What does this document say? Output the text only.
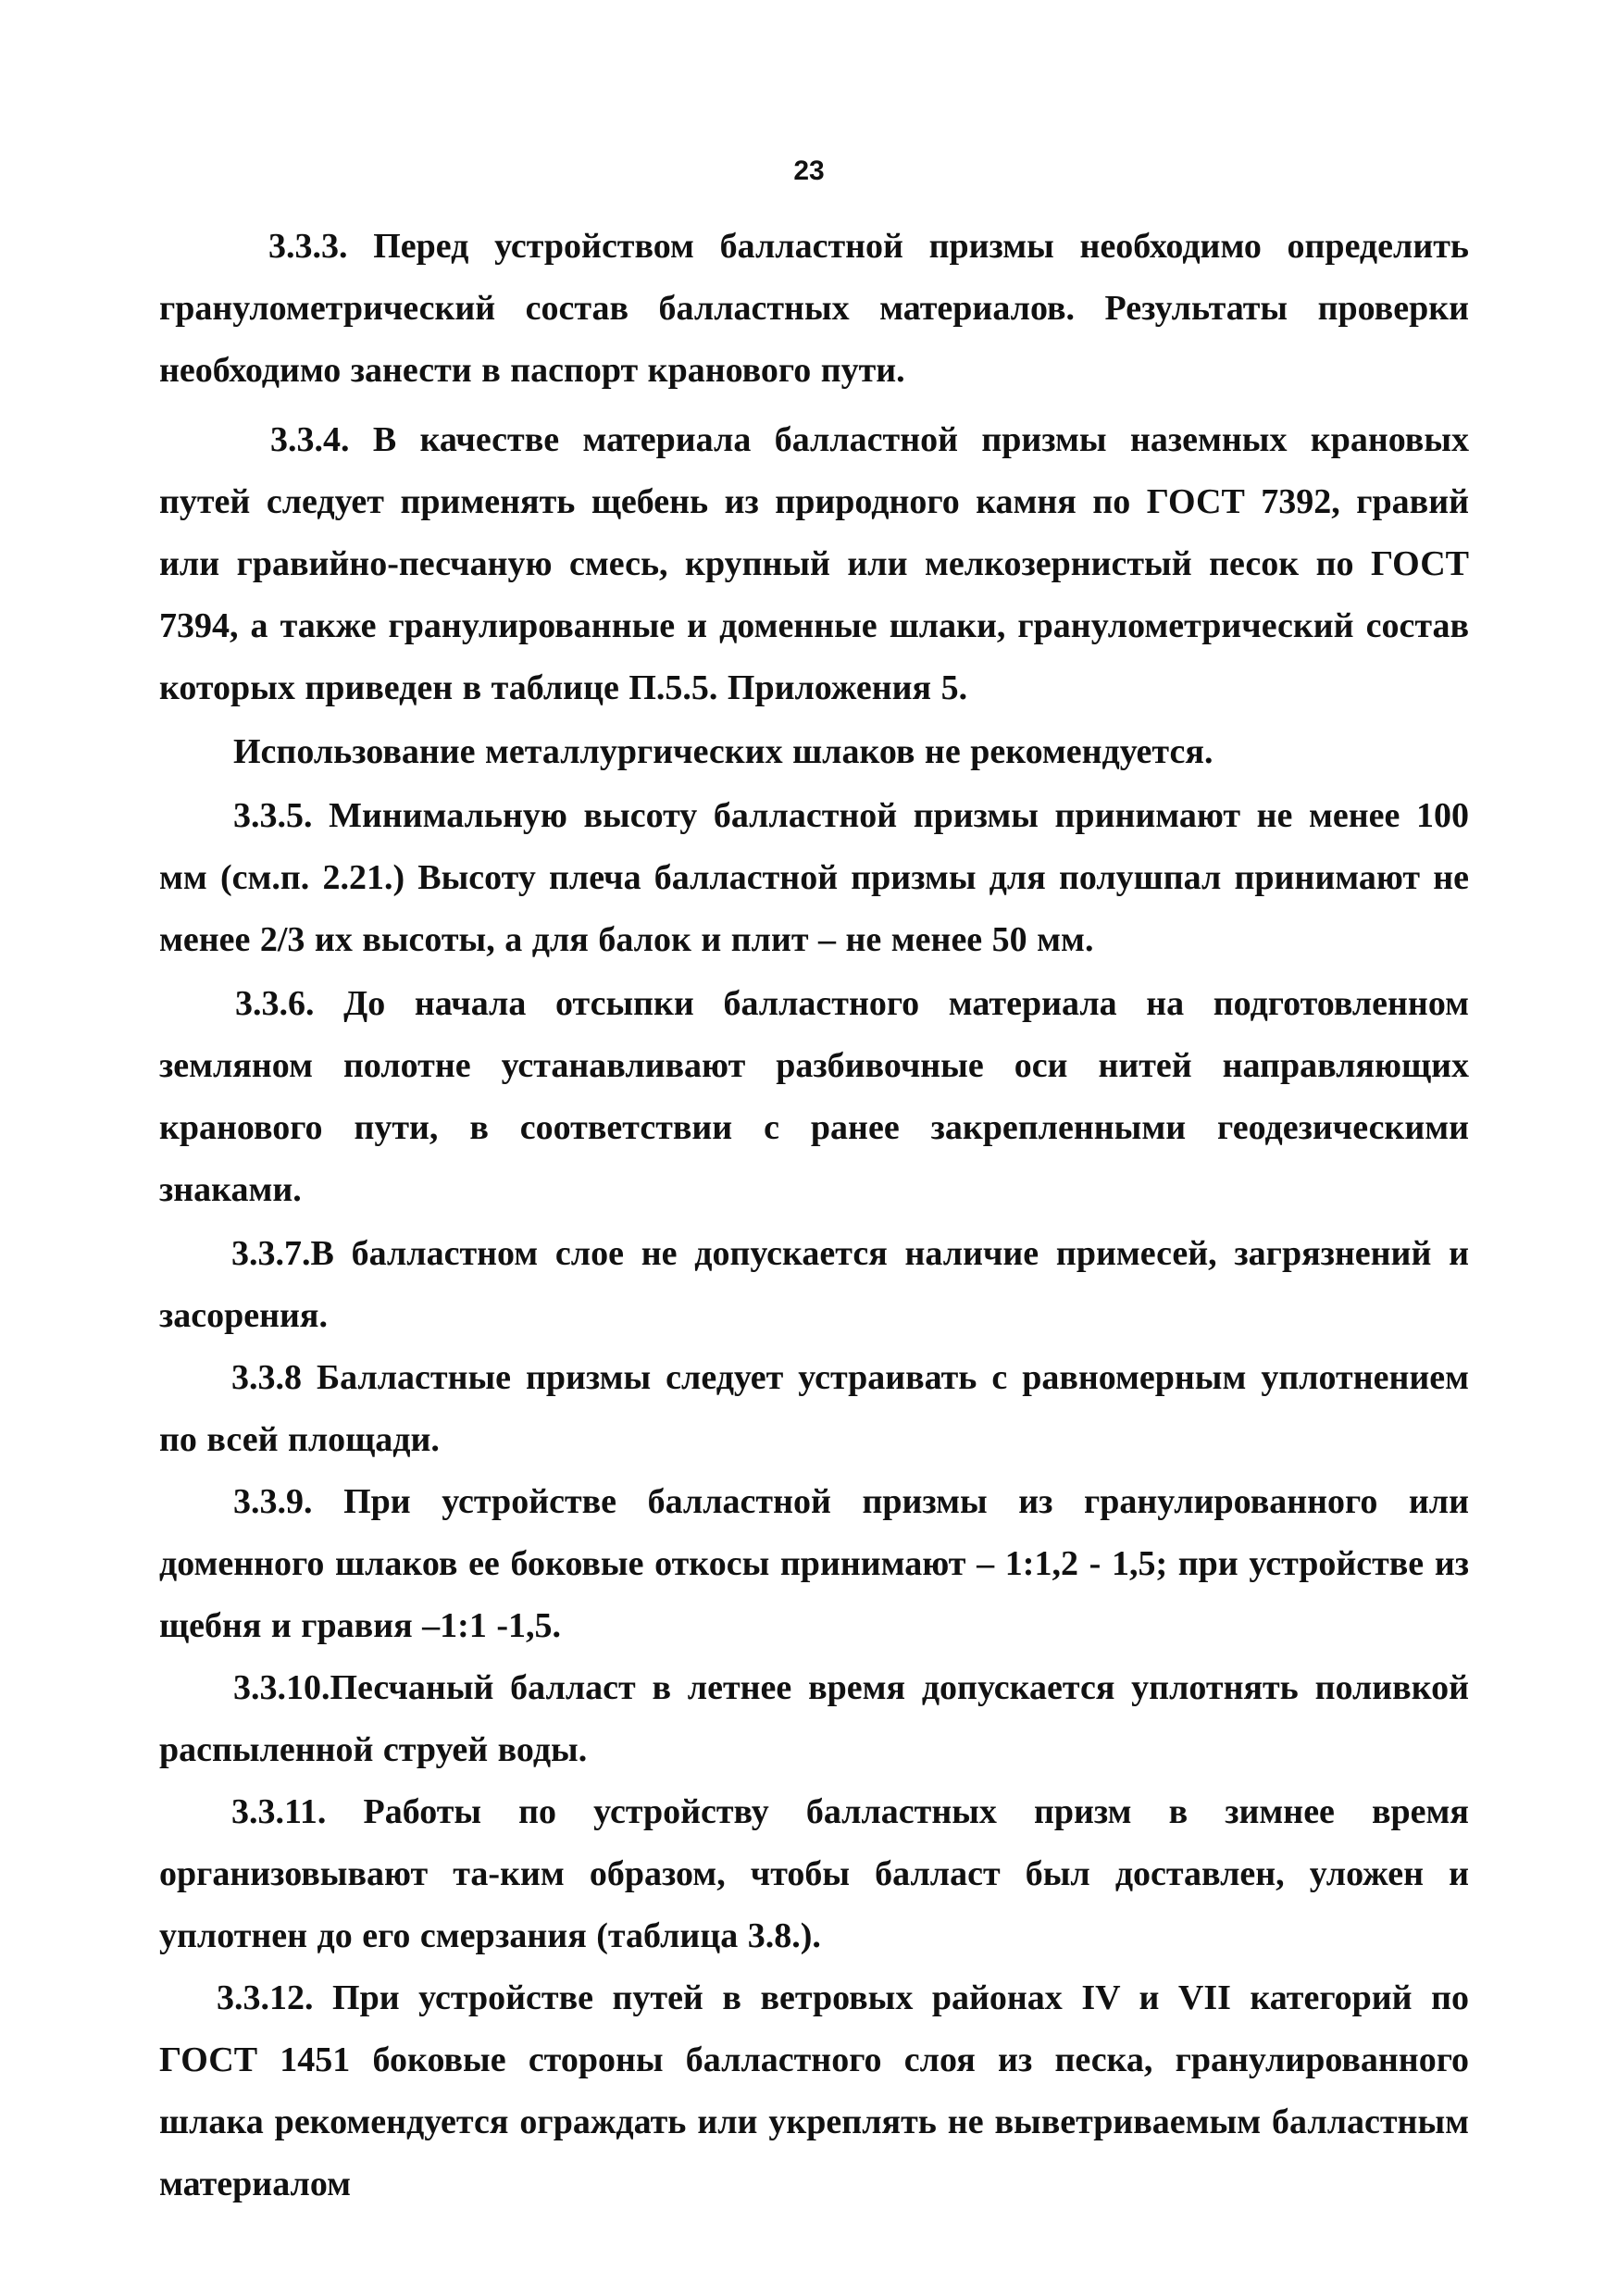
23

3.3.3. Перед устройством балластной призмы необходимо определить гранулометрический состав балластных материалов. Результаты проверки необходимо занести в паспорт кранового пути.

3.3.4. В качестве материала балластной призмы наземных крановых путей следует применять щебень из природного камня по ГОСТ 7392, гравий или гравийно-песчаную смесь, крупный или мелкозернистый песок по ГОСТ 7394, а также гранулированные и доменные шлаки, гранулометрический состав которых приведен в таблице П.5.5. Приложения 5.

Использование металлургических шлаков не рекомендуется.

3.3.5. Минимальную высоту балластной призмы принимают не менее 100 мм (см.п. 2.21.) Высоту плеча балластной призмы для полушпал принимают не менее 2/3 их высоты, а для балок и плит – не менее 50 мм.

3.3.6. До начала отсыпки балластного материала на подготовленном земляном полотне устанавливают разбивочные оси нитей направляющих кранового пути, в соответствии с ранее закрепленными геодезическими знаками.

3.3.7.В балластном слое не допускается наличие примесей, загрязнений и засорения.

3.3.8 Балластные призмы следует устраивать с равномерным уплотнением по всей площади.

3.3.9. При устройстве балластной призмы из гранулированного или доменного шлаков ее боковые откосы принимают – 1:1,2 - 1,5; при устройстве из щебня и гравия –1:1 -1,5.

3.3.10.Песчаный балласт в летнее время допускается уплотнять поливкой распыленной струей воды.

3.3.11. Работы по устройству балластных призм в зимнее время организовывают та-ким образом, чтобы балласт был доставлен, уложен и уплотнен до его смерзания (таблица 3.8.).

3.3.12. При устройстве путей в ветровых районах IV и VII категорий по ГОСТ 1451 боковые стороны балластного слоя из песка, гранулированного шлака рекомендуется ограждать или укреплять не выветриваемым балластным материалом
